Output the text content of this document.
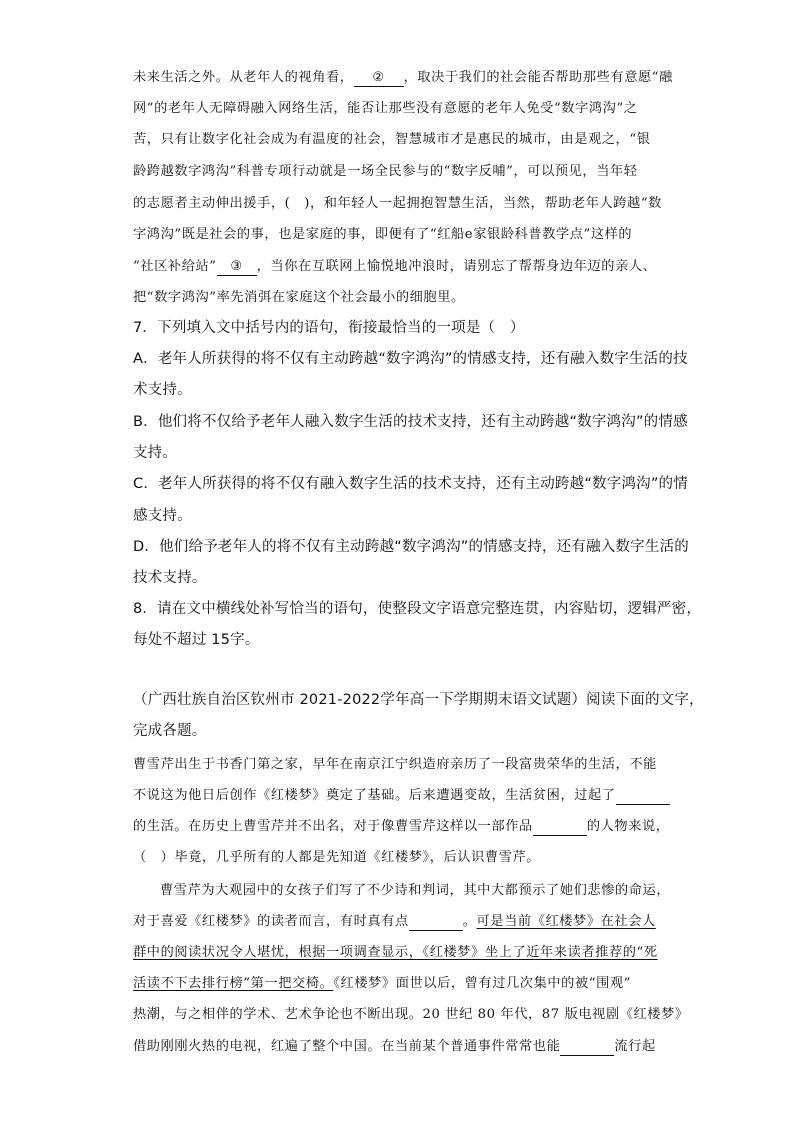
未来生活之外。从老年人的视角看， ② ，取决于我们的社会能否帮助那些有意愿“融
网”的老年人无障碍融入网络生活，能否让那些没有意愿的老年人免受“数字鸿沟”之
苦，只有让数字化社会成为有温度的社会，智慧城市才是惠民的城市，由是观之，“银
龄跨越数字鸿沟”科普专项行动就是一场全民参与的“数字反哺”，可以预见，当年轻
的志愿者主动伸出援手，(　)，和年轻人一起拥抱智慧生活，当然，帮助老年人跨越“数
字鸿沟”既是社会的事，也是家庭的事，即便有了“红船e家银龄科普教学点”这样的
“社区补给站” ③ ，当你在互联网上愉悦地冲浪时，请别忘了帮帮身边年迈的亲人、
把“数字鸿沟”率先消弭在家庭这个社会最小的细胞里。
7．下列填入文中括号内的语句，衔接最恰当的一项是（　）
A．老年人所获得的将不仅有主动跨越“数字鸿沟”的情感支持，还有融入数字生活的技
术支持。
B．他们将不仅给予老年人融入数字生活的技术支持，还有主动跨越“数字鸿沟”的情感
支持。
C．老年人所获得的将不仅有融入数字生活的技术支持，还有主动跨越“数字鸿沟”的情
感支持。
D．他们给予老年人的将不仅有主动跨越“数字鸿沟”的情感支持，还有融入数字生活的
技术支持。
8．请在文中横线处补写恰当的语句，使整段文字语意完整连贯，内容贴切，逻辑严密，
每处不超过 15字。
（广西壮族自治区钦州市 2021-2022学年高一下学期期末语文试题）阅读下面的文字，
完成各题。
曹雪芹出生于书香门第之家，早年在南京江宁织造府亲历了一段富贵荣华的生活，不能
不说这为他日后创作《红楼梦》奠定了基础。后来遭遇变故，生活贫困，过起了
的生活。在历史上曹雪芹并不出名，对于像曹雪芹这样以一部作品	的人物来说，
（　）毕竟，几乎所有的人都是先知道《红楼梦》，后认识曹雪芹。
曹雪芹为大观园中的女孩子们写了不少诗和判词，其中大都预示了她们悲惨的命运，
对于喜爱《红楼梦》的读者而言，有时真有点	。可是当前《红楼梦》在社会人
群中的阅读状况令人堪忧，根据一项调查显示，《红楼梦》坐上了近年来读者推荐的“死
活读不下去排行榜”第一把交椅。《红楼梦》面世以后，曾有过几次集中的被“围观”
热潮，与之相伴的学术、艺术争论也不断出现。20 世纪 80 年代，87 版电视剧《红楼梦》
借助刚刚火热的电视，红遍了整个中国。在当前某个普通事件常常也能	流行起
